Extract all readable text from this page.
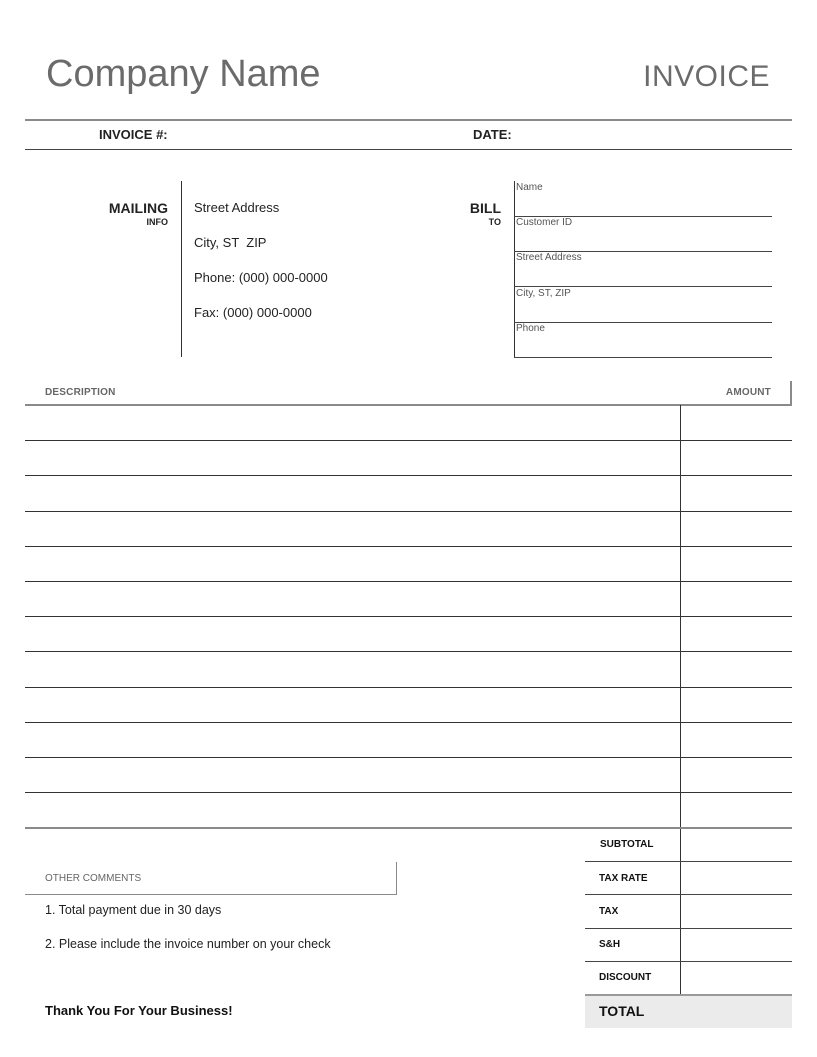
Company Name	INVOICE
INVOICE #:	DATE:
MAILING
INFO
Street Address
City, ST  ZIP
Phone: (000) 000-0000
Fax: (000) 000-0000
BILL
TO
Name
Customer ID
Street Address
City, ST, ZIP
Phone
DESCRIPTION	AMOUNT
OTHER COMMENTS
1. Total payment due in 30 days
2. Please include the invoice number on your check
Thank You For Your Business!
SUBTOTAL
TAX RATE
TAX
S&H
DISCOUNT
TOTAL
